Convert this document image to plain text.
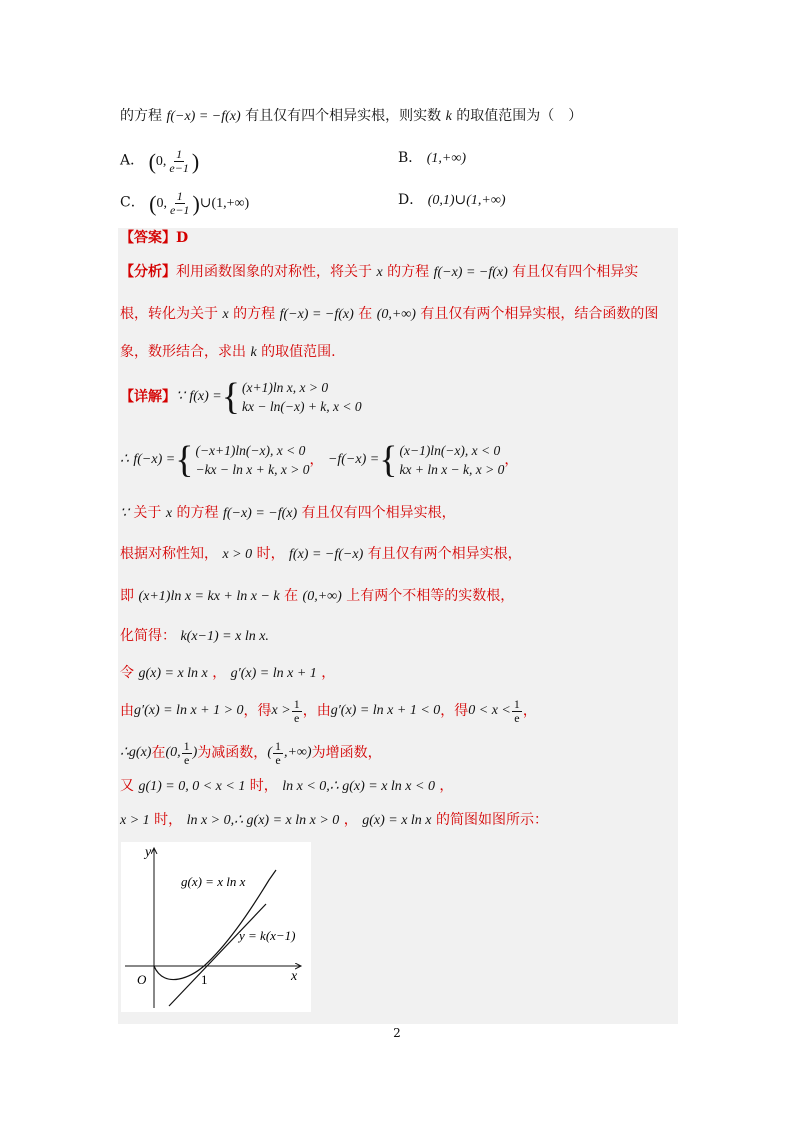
的方程 f(−x) = −f(x) 有且仅有四个相异实根，则实数 k 的取值范围为（　）
A． (0, $\frac{1}{e-1}$ )	B． (1,+∞)
C． (0, $\frac{1}{e-1}$ )∪(1,+∞)	D． (0,1)∪(1,+∞)
【答案】D
【分析】利用函数图象的对称性，将关于 x 的方程 f(−x) = −f(x) 有且仅有四个相异实
根，转化为关于 x 的方程 f(−x) = −f(x) 在 (0,+∞) 有且仅有两个相异实根，结合函数的图
象，数形结合，求出 k 的取值范围.
【详解】 ∵
f(x) = { (x+1)ln x, x > 0
kx − ln(−x) + k, x < 0
∴
f(−x) = { (−x+1)ln(−x), x < 0
−kx − ln x + k, x > 0
，
−f(−x) = { (x−1)ln(−x), x < 0
kx + ln x − k, x > 0
，
∵ 关于 x 的方程 f(−x) = −f(x) 有且仅有四个相异实根，
根据对称性知， x > 0 时， f(x) = −f(−x) 有且仅有两个相异实根，
即 (x+1)ln x = kx + ln x − k 在 (0,+∞) 上有两个不相等的实数根，
化简得： k(x−1) = x ln x.
令 g(x) = x ln x ， g′(x) = ln x + 1 ，
由 g′(x) = ln x + 1 > 0 ，得 $x > \frac{1}{e}$ ，由 g′(x) = ln x + 1 < 0 ，得 $0 < x < \frac{1}{e}$ ，
∴ g(x) 在 (0, $\frac{1}{e}$ ) 为减函数， ( $\frac{1}{e}$ ,+∞) 为增函数，
又 g(1) = 0, 0 < x < 1 时， ln x < 0,∴ g(x) = x ln x < 0 ，
x > 1 时， ln x > 0,∴ g(x) = x ln x > 0 ， g(x) = x ln x 的简图如图所示：
y
x
O	1
g(x) = x ln x
y = k(x−1)
2
